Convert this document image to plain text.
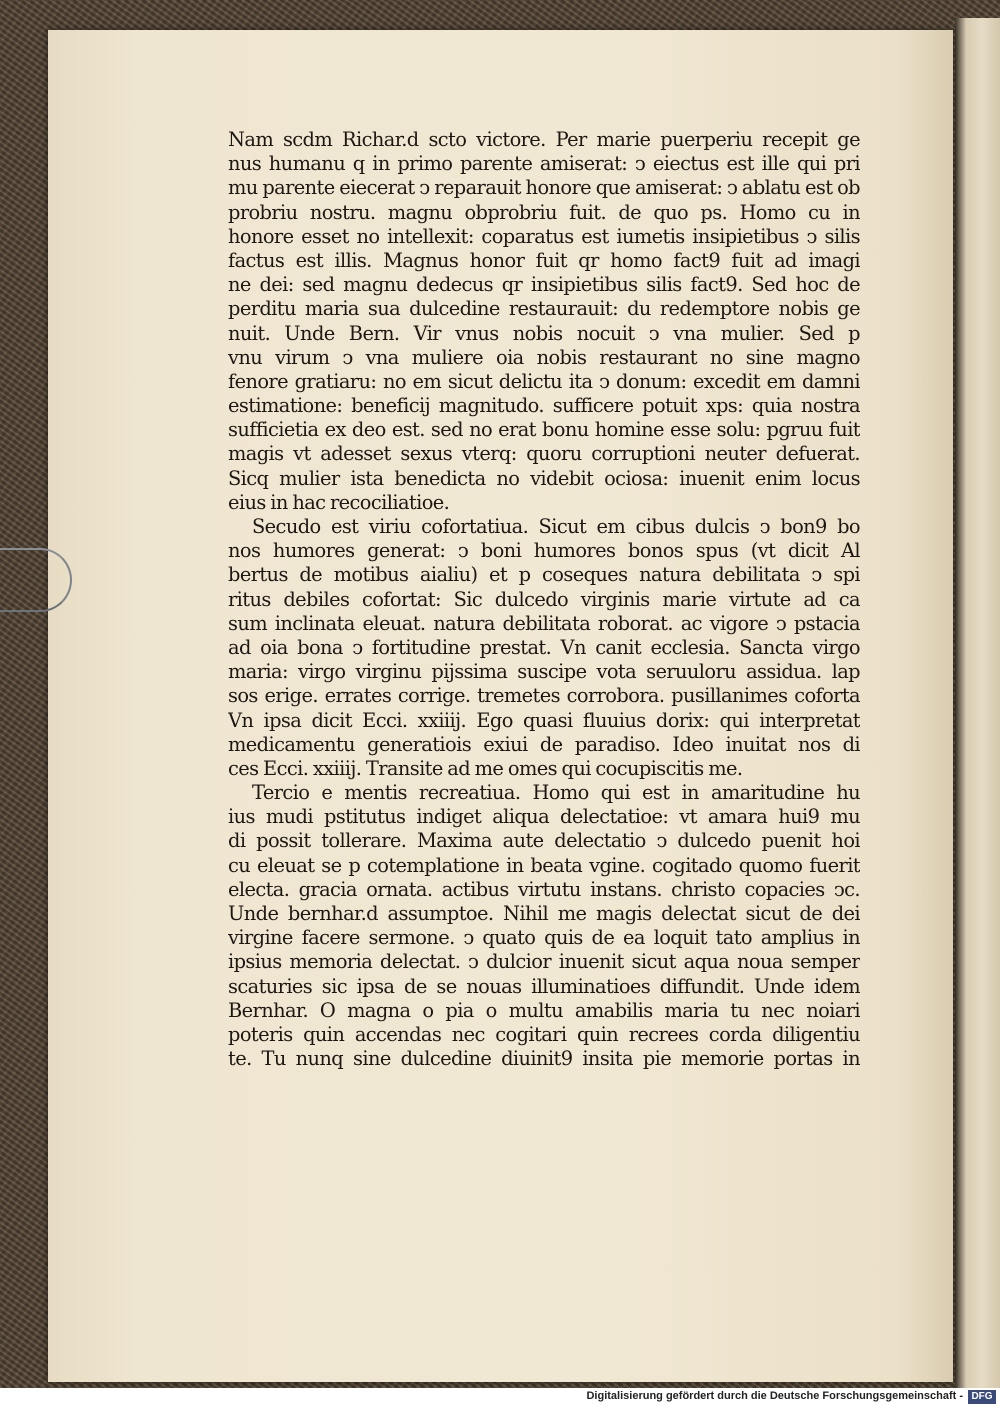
Nam scdm Richar.d scto victore. Per marie puerperiu recepit ge
nus humanu q in primo parente amiserat: ↄ eiectus est ille qui pri
mu parente eiecerat ↄ reparauit honore que amiserat: ↄ ablatu est ob
probriu nostru. magnu obprobriu fuit. de quo ps. Homo cu in
honore esset no intellexit: coparatus est iumetis insipietibus ↄ silis
factus est illis. Magnus honor fuit qr homo fact9 fuit ad imagi
ne dei: sed magnu dedecus qr insipietibus silis fact9. Sed hoc de
perditu maria sua dulcedine restaurauit: du redemptore nobis ge
nuit. Unde Bern. Vir vnus nobis nocuit ↄ vna mulier. Sed p
vnu virum ↄ vna muliere oia nobis restaurant no sine magno
fenore gratiaru: no em sicut delictu ita ↄ donum: excedit em damni
estimatione: beneficij magnitudo. sufficere potuit xps: quia nostra
sufficietia ex deo est. sed no erat bonu homine esse solu: pgruu fuit
magis vt adesset sexus vterq: quoru corruptioni neuter defuerat.
Sicq mulier ista benedicta no videbit ociosa: inuenit enim locus
eius in hac recociliatioe.
Secudo est viriu cofortatiua. Sicut em cibus dulcis ↄ bon9 bo
nos humores generat: ↄ boni humores bonos spus (vt dicit Al
bertus de motibus aialiu) et p coseques natura debilitata ↄ spi
ritus debiles cofortat: Sic dulcedo virginis marie virtute ad ca
sum inclinata eleuat. natura debilitata roborat. ac vigore ↄ pstacia
ad oia bona ↄ fortitudine prestat. Vn canit ecclesia. Sancta virgo
maria: virgo virginu pijssima suscipe vota seruuloru assidua. lap
sos erige. errates corrige. tremetes corrobora. pusillanimes coforta
Vn ipsa dicit Ecci. xxiiij. Ego quasi fluuius dorix: qui interpretat
medicamentu generatiois exiui de paradiso. Ideo inuitat nos di
ces Ecci. xxiiij. Transite ad me omes qui cocupiscitis me.
Tercio e mentis recreatiua. Homo qui est in amaritudine hu
ius mudi pstitutus indiget aliqua delectatioe: vt amara hui9 mu
di possit tollerare. Maxima aute delectatio ↄ dulcedo puenit hoi
cu eleuat se p cotemplatione in beata vgine. cogitado quomo fuerit
electa. gracia ornata. actibus virtutu instans. christo copacies ↄc.
Unde bernhar.d assumptoe. Nihil me magis delectat sicut de dei
virgine facere sermone. ↄ quato quis de ea loquit tato amplius in
ipsius memoria delectat. ↄ dulcior inuenit sicut aqua noua semper
scaturies sic ipsa de se nouas illuminatioes diffundit. Unde idem
Bernhar. O magna o pia o multu amabilis maria tu nec noiari
poteris quin accendas nec cogitari quin recrees corda diligentiu
te. Tu nunq sine dulcedine diuinit9 insita pie memorie portas in
Digitalisierung gefördert durch die Deutsche Forschungsgemeinschaft - DFG
